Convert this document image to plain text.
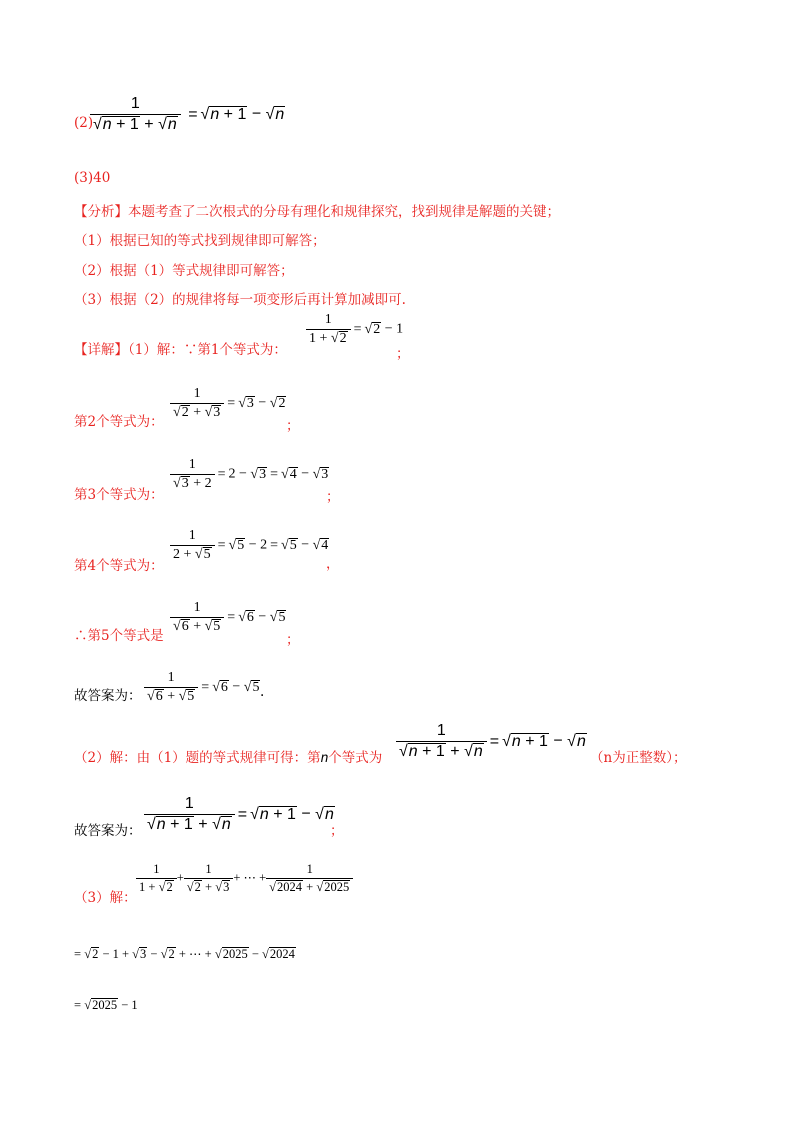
(2)
$\frac{1}{√n + 1 + √n} = √n + 1 - √n$
(3)40
【分析】本题考查了二次根式的分母有理化和规律探究，找到规律是解题的关键；
（1）根据已知的等式找到规律即可解答；
（2）根据（1）等式规律即可解答；
（3）根据（2）的规律将每一项变形后再计算加减即可.
【详解】（1）解：∵第1个等式为：
$\frac{1}{1 + √2} = √2 - 1$
；
第2个等式为：
$\frac{1}{√2 + √3} = √3 - √2$
；
第3个等式为：
$\frac{1}{√3 + 2} = 2 - √3 = √4 - √3$
；
第4个等式为：
$\frac{1}{2 + √5} = √5 - 2 = √5 - √4$
，
∴第5个等式是
$\frac{1}{√6 + √5} = √6 - √5$
；
故答案为： $\frac{1}{√6 + √5} = √6 - √5$ .
（2）解：由（1）题的等式规律可得：第n个等式为 $\frac{1}{√n + 1 + √n} = √n + 1 - √n$
（n为正整数）；
故答案为： $\frac{1}{√n + 1 + √n} = √n + 1 - √n$
；
（3）解：
$\frac{1}{1 + √2} + \frac{1}{√2 + √3}$ + ⋯ + $\frac{1}{√2024 + √2025}$
= √2 − 1 + √3 − √2 + ⋯ + √2025 − √2024
= √2025 − 1
